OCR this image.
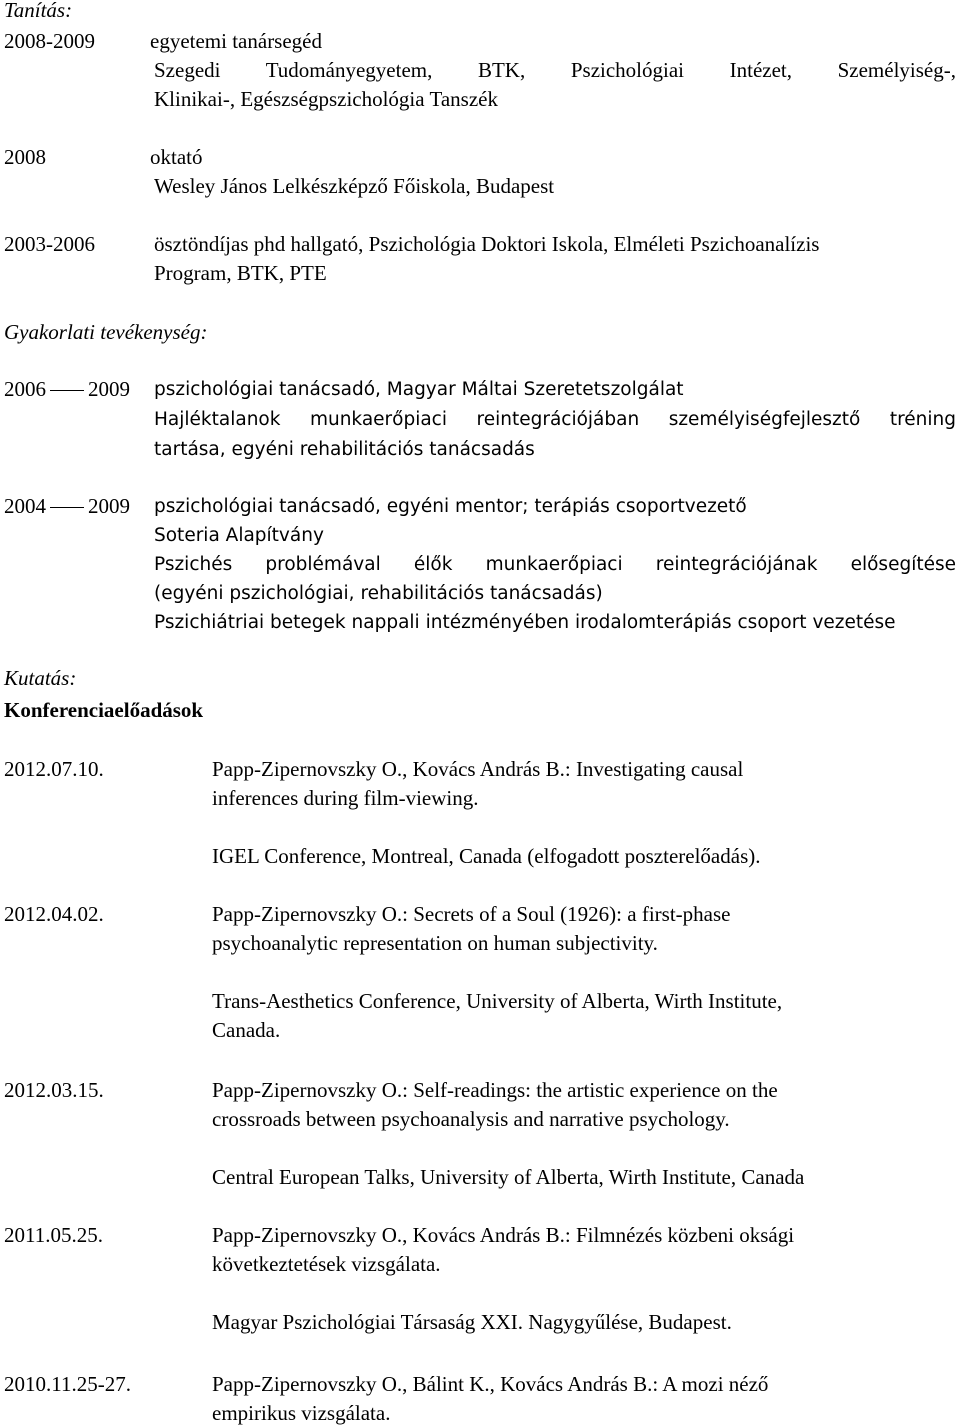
Tanítás:
2008-2009	egyetemi tanársegéd
Szegedi Tudományegyetem, BTK, Pszichológiai Intézet, Személyiség-,
Klinikai-, Egészségpszichológia Tanszék
2008	oktató
Wesley János Lelkészképző Főiskola, Budapest
2003-2006	ösztöndíjas phd hallgató, Pszichológia Doktori Iskola, Elméleti Pszichoanalízis
Program, BTK, PTE
Gyakorlati tevékenység:
2006 2009 pszichológiai tanácsadó, Magyar Máltai Szeretetszolgálat
Hajléktalanok munkaerőpiaci reintegrációjában személyiségfejlesztő tréning
tartása, egyéni rehabilitációs tanácsadás
2004 2009 pszichológiai tanácsadó, egyéni mentor; terápiás csoportvezető
Soteria Alapítvány
Pszichés problémával élők munkaerőpiaci reintegrációjának elősegítése
(egyéni pszichológiai, rehabilitációs tanácsadás)
Pszichiátriai betegek nappali intézményében irodalomterápiás csoport vezetése
Kutatás:
Konferenciaelőadások
2012.07.10.	Papp-Zipernovszky O., Kovács András B.: Investigating causal
inferences during film-viewing.
IGEL Conference, Montreal, Canada (elfogadott poszterelőadás).
2012.04.02.	Papp-Zipernovszky O.: Secrets of a Soul (1926): a first-phase
psychoanalytic representation on human subjectivity.
Trans-Aesthetics Conference, University of Alberta, Wirth Institute,
Canada.
2012.03.15.	Papp-Zipernovszky O.: Self-readings: the artistic experience on the
crossroads between psychoanalysis and narrative psychology.
Central European Talks, University of Alberta, Wirth Institute, Canada
2011.05.25.	Papp-Zipernovszky O., Kovács András B.: Filmnézés közbeni oksági
következtetések vizsgálata.
Magyar Pszichológiai Társaság XXI. Nagygyűlése, Budapest.
2010.11.25-27.	Papp-Zipernovszky O., Bálint K., Kovács András B.: A mozi néző
empirikus vizsgálata.
